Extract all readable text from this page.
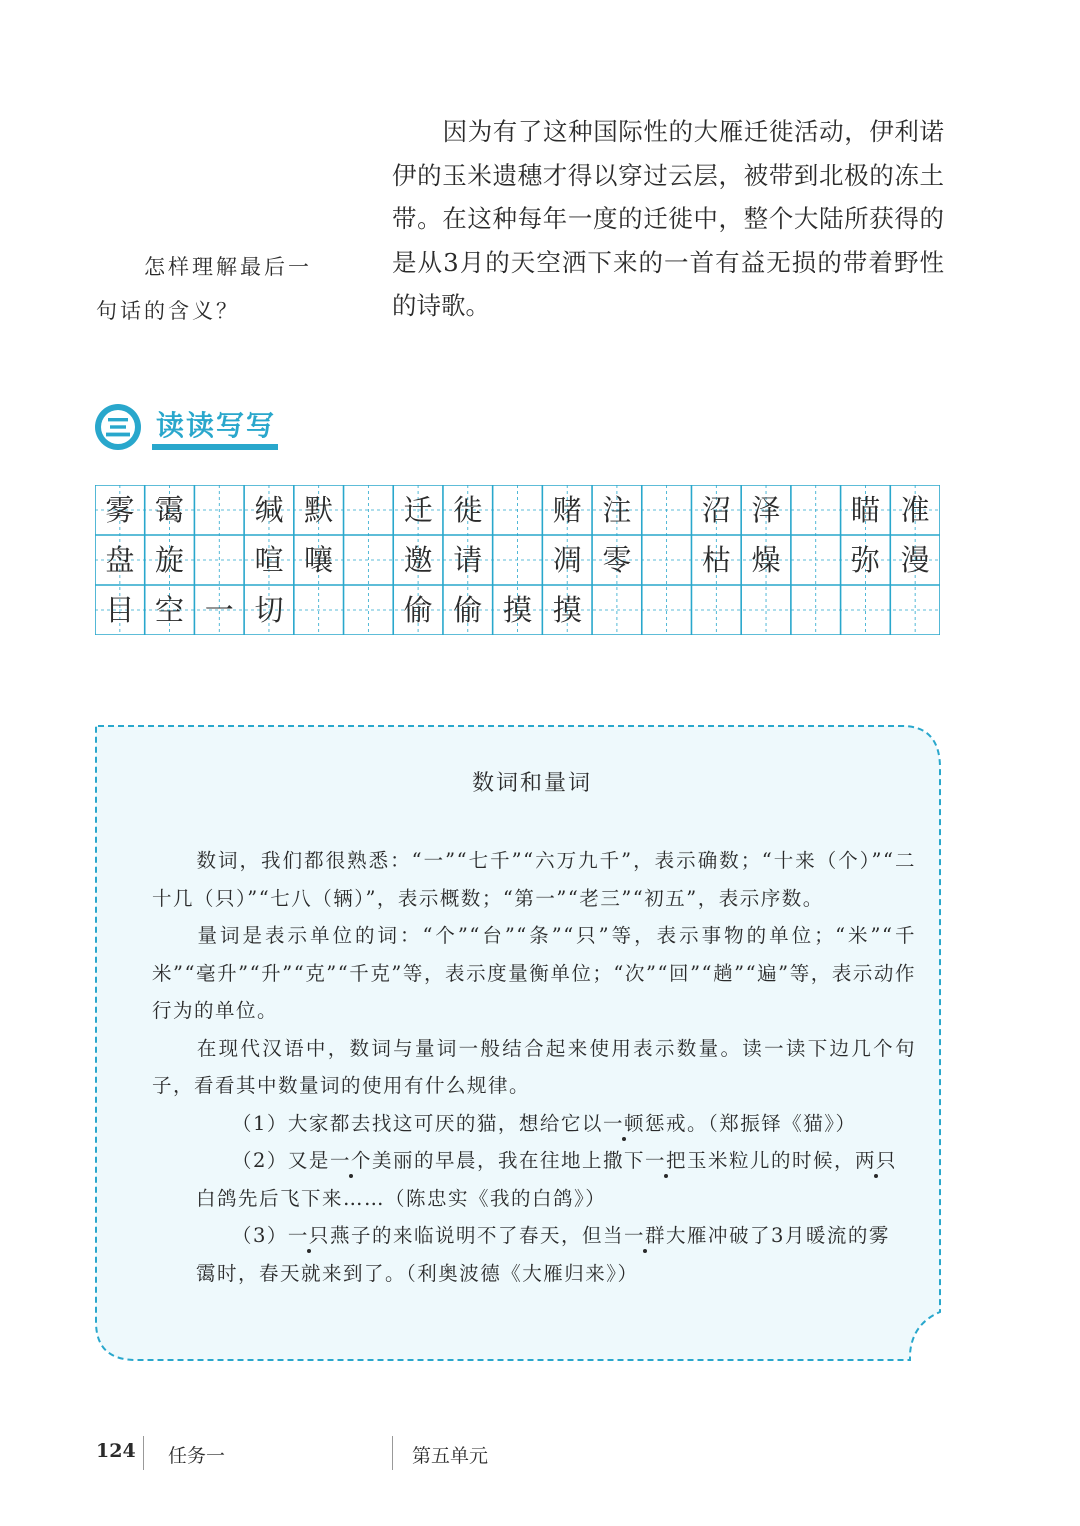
因为有了这种国际性的大雁迁徙活动，伊利诺伊的玉米遗穗才得以穿过云层，被带到北极的冻土带。在这种每年一度的迁徙中，整个大陆所获得的是从3月的天空洒下来的一首有益无损的带着野性的诗歌。

怎样理解最后一句话的含义？

读读写写
雾 霭	缄 默	迁 徙	赌 注	沼 泽	瞄 准
盘 旋	喧 嚷	邀 请	凋 零	枯 燥	弥 漫
目 空 一 切	偷 偷 摸 摸

数词和量词

数词，我们都很熟悉：“一”“七千”“六万九千”，表示确数；“十来（个）”“二十几（只）”“七八（辆）”，表示概数；“第一”“老三”“初五”，表示序数。

量词是表示单位的词：“个”“台”“条”“只”等，表示事物的单位；“米”“千米”“毫升”“升”“克”“千克”等，表示度量衡单位；“次”“回”“趟”“遍”等，表示动作行为的单位。

在现代汉语中，数词与量词一般结合起来使用表示数量。读一读下边几个句子，看看其中数量词的使用有什么规律。

（1）大家都去找这可厌的猫，想给它以一顿惩戒。（郑振铎《猫》）

（2）又是一个美丽的早晨，我在往地上撒下一把玉米粒儿的时候，两只

白鸽先后飞下来……（陈忠实《我的白鸽》）

（3）一只燕子的来临说明不了春天，但当一群大雁冲破了3月暖流的雾

霭时，春天就来到了。（利奥波德《大雁归来》）

124 任务一	第五单元
